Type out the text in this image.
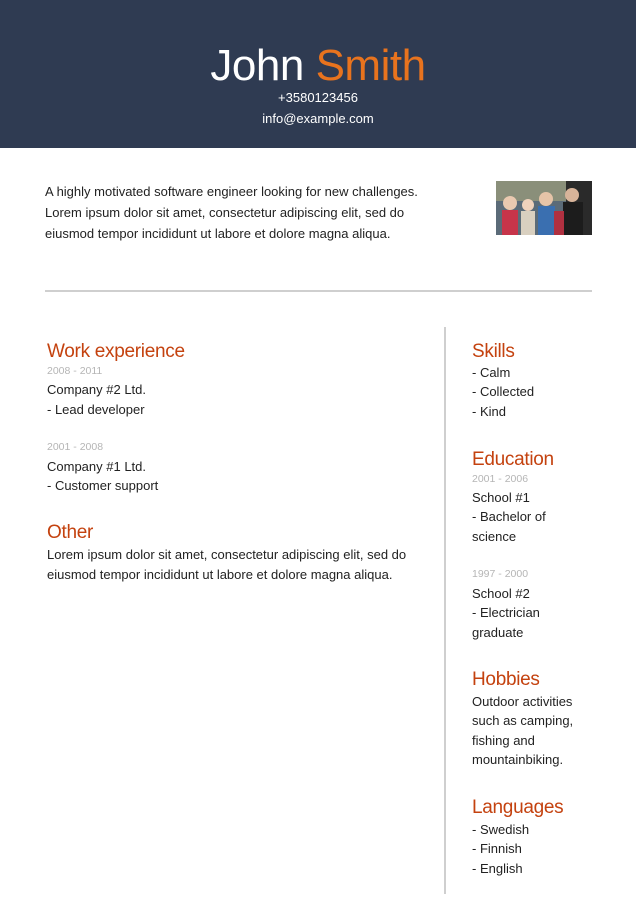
John Smith
+3580123456
info@example.com
A highly motivated software engineer looking for new challenges. Lorem ipsum dolor sit amet, consectetur adipiscing elit, sed do eiusmod tempor incididunt ut labore et dolore magna aliqua.
Work experience
2008 - 2011
Company #2 Ltd.
- Lead developer
2001 - 2008
Company #1 Ltd.
- Customer support
Other
Lorem ipsum dolor sit amet, consectetur adipiscing elit, sed do eiusmod tempor incididunt ut labore et dolore magna aliqua.
Skills
- Calm
- Collected
- Kind
Education
2001 - 2006
School #1
- Bachelor of
science
1997 - 2000
School #2
- Electrician
graduate
Hobbies
Outdoor activities
such as camping,
fishing and
mountainbiking.
Languages
- Swedish
- Finnish
- English
